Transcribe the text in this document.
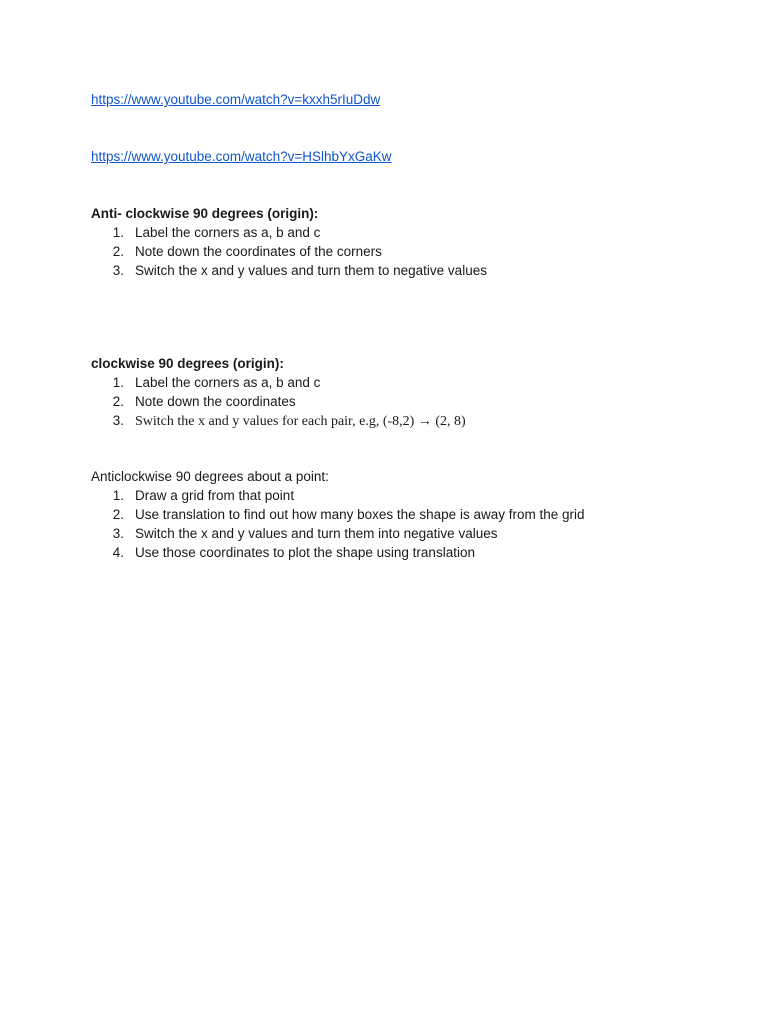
https://www.youtube.com/watch?v=kxxh5rIuDdw
https://www.youtube.com/watch?v=HSlhbYxGaKw
Anti- clockwise 90 degrees (origin):
1. Label the corners as a, b and c
2. Note down the coordinates of the corners
3. Switch the x and y values and turn them to negative values
clockwise 90 degrees (origin):
1. Label the corners as a, b and c
2. Note down the coordinates
3. Switch the x and y values for each pair, e.g, (-8,2) → (2, 8)
Anticlockwise 90 degrees about a point:
1. Draw a grid from that point
2. Use translation to find out how many boxes the shape is away from the grid
3. Switch the x and y values and turn them into negative values
4. Use those coordinates to plot the shape using translation
